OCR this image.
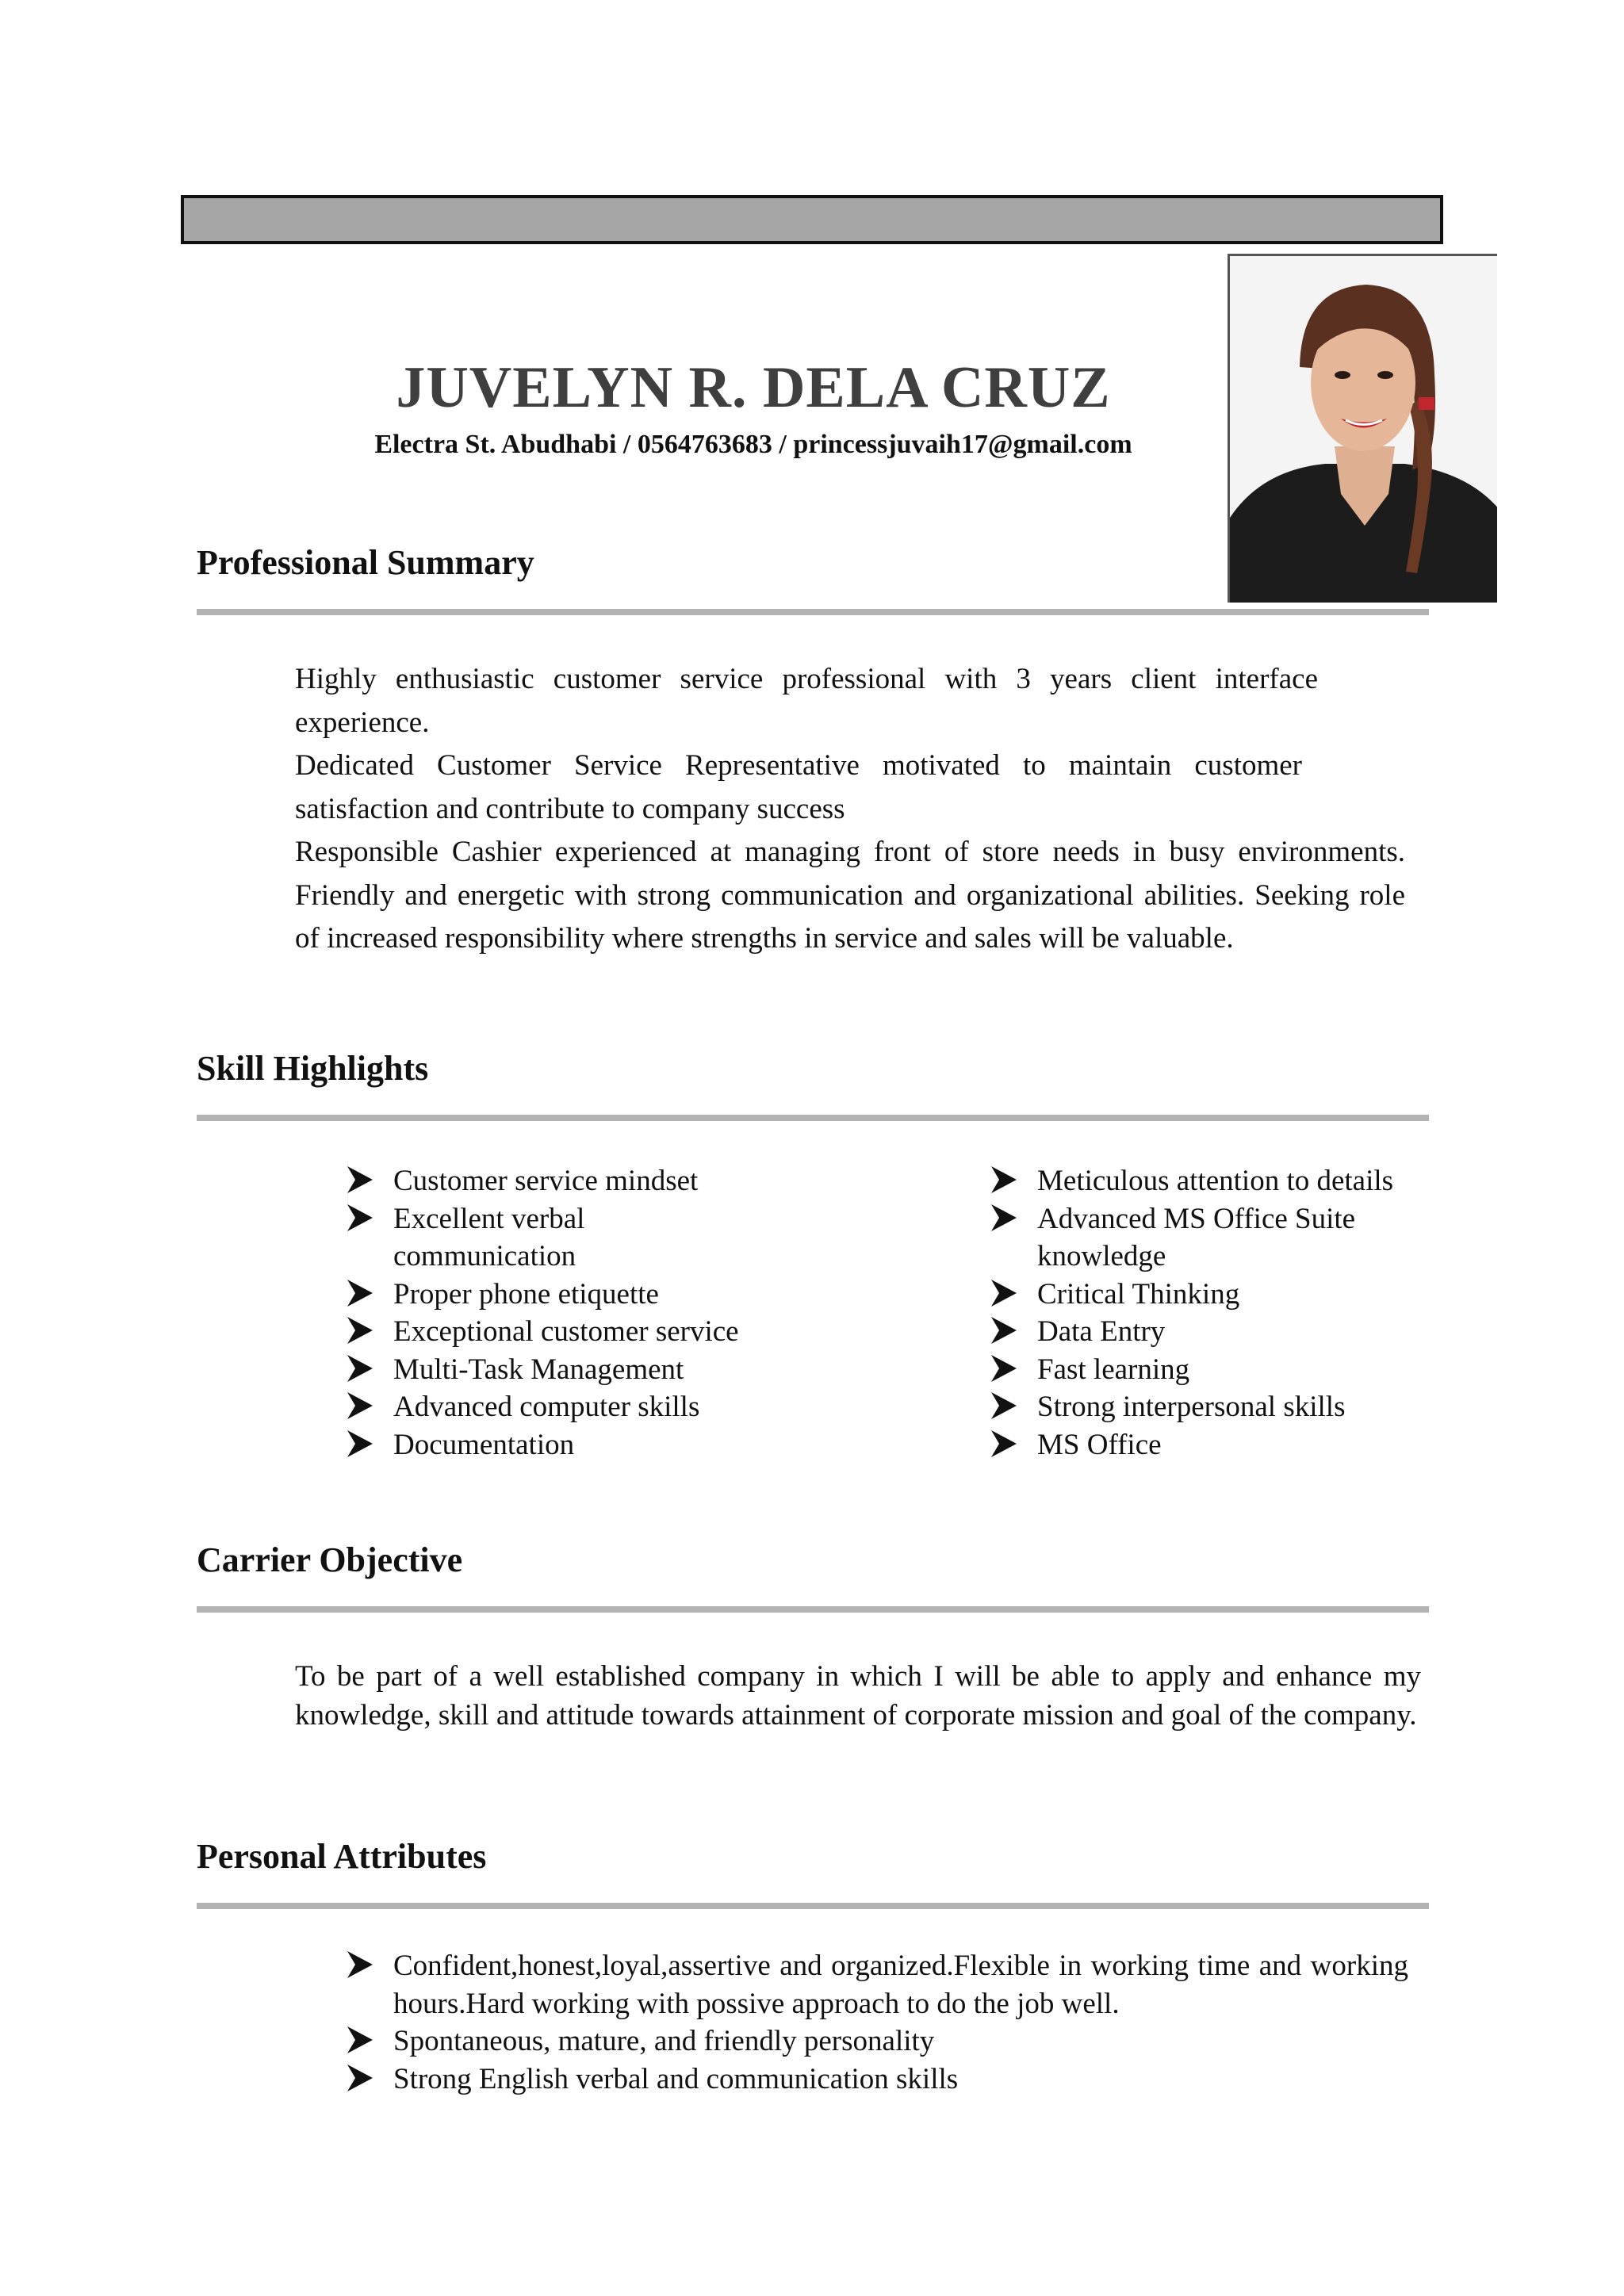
JUVELYN R. DELA CRUZ
Electra St. Abudhabi / 0564763683 / princessjuvaih17@gmail.com
Professional Summary

Highly enthusiastic customer service professional with 3 years client interface experience.

Dedicated Customer Service Representative motivated to maintain customer satisfaction and contribute to company success

Responsible Cashier experienced at managing front of store needs in busy environments. Friendly and energetic with strong communication and organizational abilities. Seeking role of increased responsibility where strengths in service and sales will be valuable.

Skill Highlights
Customer service mindset
Excellent verbal communication
Proper phone etiquette
Exceptional customer service
Multi-Task Management
Advanced computer skills
Documentation
Meticulous attention to details
Advanced MS Office Suite knowledge
Critical Thinking
Data Entry
Fast learning
Strong interpersonal skills
MS Office
Carrier Objective

To be part of a well established company in which I will be able to apply and enhance my knowledge, skill and attitude towards attainment of corporate mission and goal of the company.

Personal Attributes
Confident,honest,loyal,assertive and organized.Flexible in working time and working hours.Hard working with possive approach to do the job well.
Spontaneous, mature, and friendly personality
Strong English verbal and communication skills
